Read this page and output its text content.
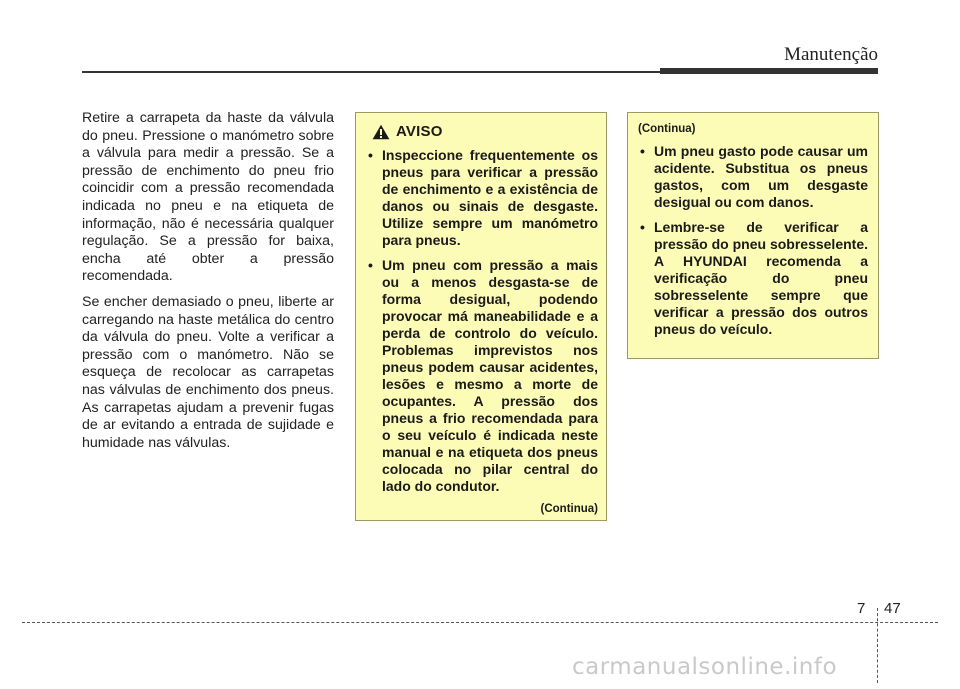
Manutenção

Retire a carrapeta da haste da válvula do pneu. Pressione o manómetro sobre a válvula para medir a pressão. Se a pressão de enchimento do pneu frio coincidir com a pressão recomendada indicada no pneu e na etiqueta de informação, não é necessária qualquer regulação. Se a pressão for baixa, encha até obter a pressão recomendada.

Se encher demasiado o pneu, liberte ar carregando na haste metálica do centro da válvula do pneu. Volte a verificar a pressão com o manómetro. Não se esqueça de recolocar as carrapetas nas válvulas de enchimento dos pneus. As carrapetas ajudam a prevenir fugas de ar evitando a entrada de sujidade e humidade nas válvulas.

AVISO
• Inspeccione frequentemente os pneus para verificar a pressão de enchimento e a existência de danos ou sinais de desgaste. Utilize sempre um manómetro para pneus.
• Um pneu com pressão a mais ou a menos desgasta-se de forma desigual, podendo provocar má maneabilidade e a perda de controlo do veículo. Problemas imprevistos nos pneus podem causar acidentes, lesões e mesmo a morte de ocupantes. A pressão dos pneus a frio recomendada para o seu veículo é indicada neste manual e na etiqueta dos pneus colocada no pilar central do lado do condutor.
(Continua)
(Continua)
• Um pneu gasto pode causar um acidente. Substitua os pneus gastos, com um desgaste desigual ou com danos.
• Lembre-se de verificar a pressão do pneu sobresselente. A HYUNDAI recomenda a verificação do pneu sobresselente sempre que verificar a pressão dos outros pneus do veículo.
7 47
carmanualsonline.info
